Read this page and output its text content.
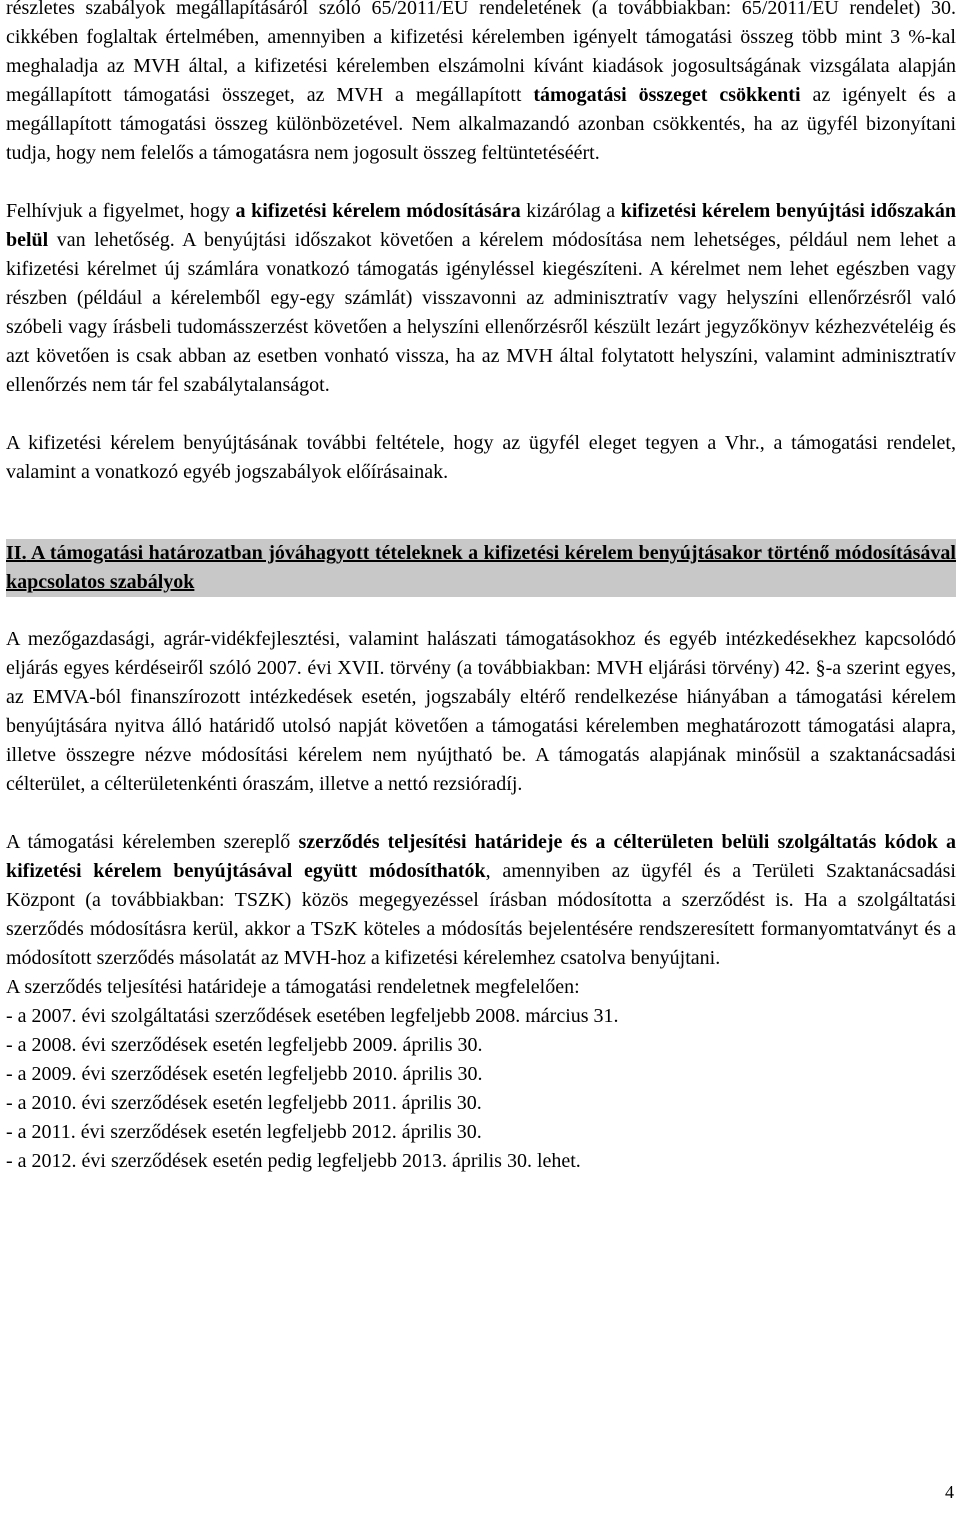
részletes szabályok megállapításáról szóló 65/2011/EU rendeletének (a továbbiakban: 65/2011/EU rendelet) 30. cikkében foglaltak értelmében, amennyiben a kifizetési kérelemben igényelt támogatási összeg több mint 3 %-kal meghaladja az MVH által, a kifizetési kérelemben elszámolni kívánt kiadások jogosultságának vizsgálata alapján megállapított támogatási összeget, az MVH a megállapított támogatási összeget csökkenti az igényelt és a megállapított támogatási összeg különbözetével. Nem alkalmazandó azonban csökkentés, ha az ügyfél bizonyítani tudja, hogy nem felelős a támogatásra nem jogosult összeg feltüntetéséért.

Felhívjuk a figyelmet, hogy a kifizetési kérelem módosítására kizárólag a kifizetési kérelem benyújtási időszakán belül van lehetőség. A benyújtási időszakot követően a kérelem módosítása nem lehetséges, például nem lehet a kifizetési kérelmet új számlára vonatkozó támogatás igényléssel kiegészíteni. A kérelmet nem lehet egészben vagy részben (például a kérelemből egy-egy számlát) visszavonni az adminisztratív vagy helyszíni ellenőrzésről való szóbeli vagy írásbeli tudomásszerzést követően a helyszíni ellenőrzésről készült lezárt jegyzőkönyv kézhezvételéig és azt követően is csak abban az esetben vonható vissza, ha az MVH által folytatott helyszíni, valamint adminisztratív ellenőrzés nem tár fel szabálytalanságot.

A kifizetési kérelem benyújtásának további feltétele, hogy az ügyfél eleget tegyen a Vhr., a támogatási rendelet, valamint a vonatkozó egyéb jogszabályok előírásainak.

II. A támogatási határozatban jóváhagyott tételeknek a kifizetési kérelem benyújtásakor történő módosításával kapcsolatos szabályok

A mezőgazdasági, agrár-vidékfejlesztési, valamint halászati támogatásokhoz és egyéb intézkedésekhez kapcsolódó eljárás egyes kérdéseiről szóló 2007. évi XVII. törvény (a továbbiakban: MVH eljárási törvény) 42. §-a szerint egyes, az EMVA-ból finanszírozott intézkedések esetén, jogszabály eltérő rendelkezése hiányában a támogatási kérelem benyújtására nyitva álló határidő utolsó napját követően a támogatási kérelemben meghatározott támogatási alapra, illetve összegre nézve módosítási kérelem nem nyújtható be. A támogatás alapjának minősül a szaktanácsadási célterület, a célterületenkénti óraszám, illetve a nettó rezsióradíj.

A támogatási kérelemben szereplő szerződés teljesítési határideje és a célterületen belüli szolgáltatás kódok a kifizetési kérelem benyújtásával együtt módosíthatók, amennyiben az ügyfél és a Területi Szaktanácsadási Központ (a továbbiakban: TSZK) közös megegyezéssel írásban módosította a szerződést is. Ha a szolgáltatási szerződés módosításra kerül, akkor a TSzK köteles a módosítás bejelentésére rendszeresített formanyomtatványt és a módosított szerződés másolatát az MVH-hoz a kifizetési kérelemhez csatolva benyújtani.

A szerződés teljesítési határideje a támogatási rendeletnek megfelelően:

- a 2007. évi szolgáltatási szerződések esetében legfeljebb 2008. március 31.
- a 2008. évi szerződések esetén legfeljebb 2009. április 30.
- a 2009. évi szerződések esetén legfeljebb 2010. április 30.
- a 2010. évi szerződések esetén legfeljebb 2011. április 30.
- a 2011. évi szerződések esetén legfeljebb 2012. április 30.
- a 2012. évi szerződések esetén pedig legfeljebb 2013. április 30. lehet.
4
